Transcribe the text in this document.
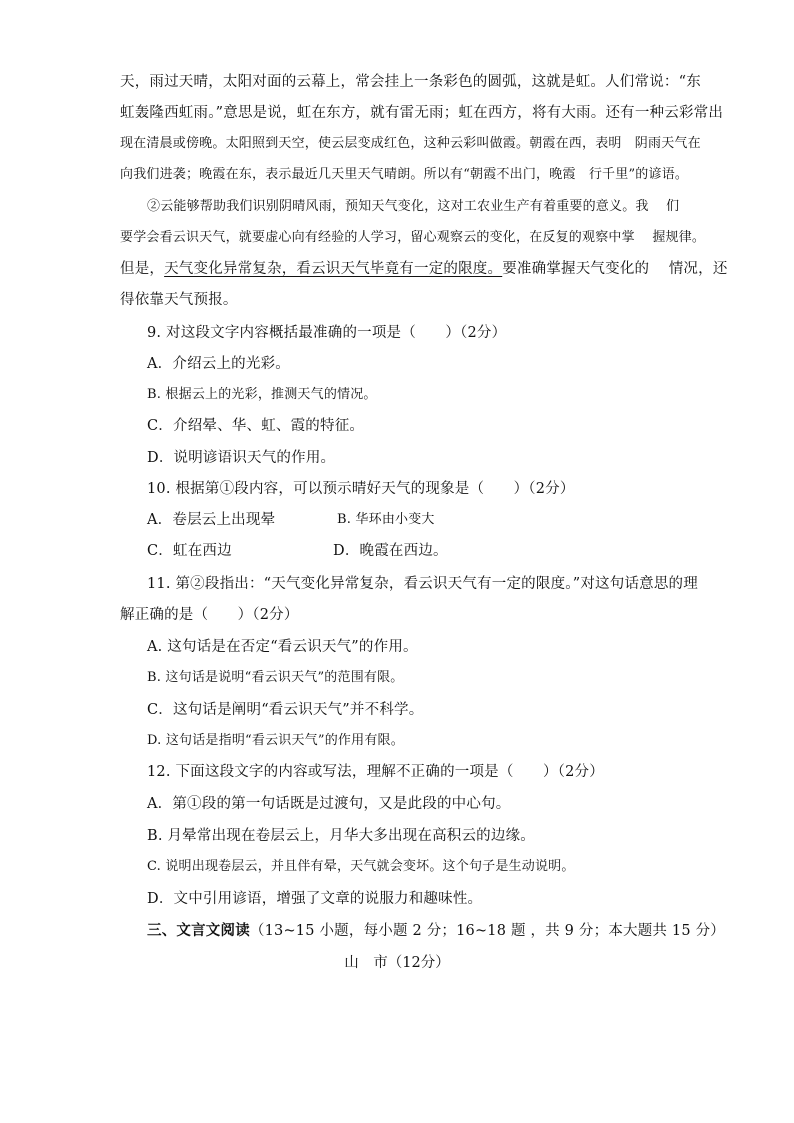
天，雨过天晴，太阳对面的云幕上，常会挂上一条彩色的圆弧，这就是虹。人们常说：“东
虹轰隆西虹雨。”意思是说，虹在东方，就有雷无雨；虹在西方，将有大雨。还有一种云彩常出
现在清晨或傍晚。太阳照到天空，使云层变成红色，这种云彩叫做霞。朝霞在西，表明　阴雨天气在
向我们进袭；晚霞在东，表示最近几天里天气晴朗。所以有“朝霞不出门，晚霞　行千里”的谚语。
②云能够帮助我们识别阴晴风雨，预知天气变化，这对工农业生产有着重要的意义。我　 们
要学会看云识天气，就要虚心向有经验的人学习，留心观察云的变化，在反复的观察中掌　 握规律。
但是，天气变化异常复杂，看云识天气毕竟有一定的限度。要准确掌握天气变化的　 情况，还
得依靠天气预报。
9. 对这段文字内容概括最准确的一项是（　　）（2分）
A．介绍云上的光彩。
B. 根据云上的光彩，推测天气的情况。
C．介绍晕、华、虹、霞的特征。
D．说明谚语识天气的作用。
10. 根据第①段内容，可以预示晴好天气的现象是（　　）（2分）
A．卷层云上出现晕	B. 华环由小变大
C．虹在西边	D．晚霞在西边。
11. 第②段指出：“天气变化异常复杂，看云识天气有一定的限度。”对这句话意思的理
解正确的是（　　）（2分）
A. 这句话是在否定“看云识天气”的作用。
B. 这句话是说明“看云识天气”的范围有限。
C．这句话是阐明“看云识天气”并不科学。
D. 这句话是指明“看云识天气”的作用有限。
12. 下面这段文字的内容或写法，理解不正确的一项是（　　）（2分）
A．第①段的第一句话既是过渡句，又是此段的中心句。
B. 月晕常出现在卷层云上，月华大多出现在高积云的边缘。
C. 说明出现卷层云，并且伴有晕，天气就会变坏。这个句子是生动说明。
D．文中引用谚语，增强了文章的说服力和趣味性。
三、文言文阅读（13~15 小题，每小题 2 分；16~18 题 ，共 9 分；本大题共 15 分）
山　市（12分）
